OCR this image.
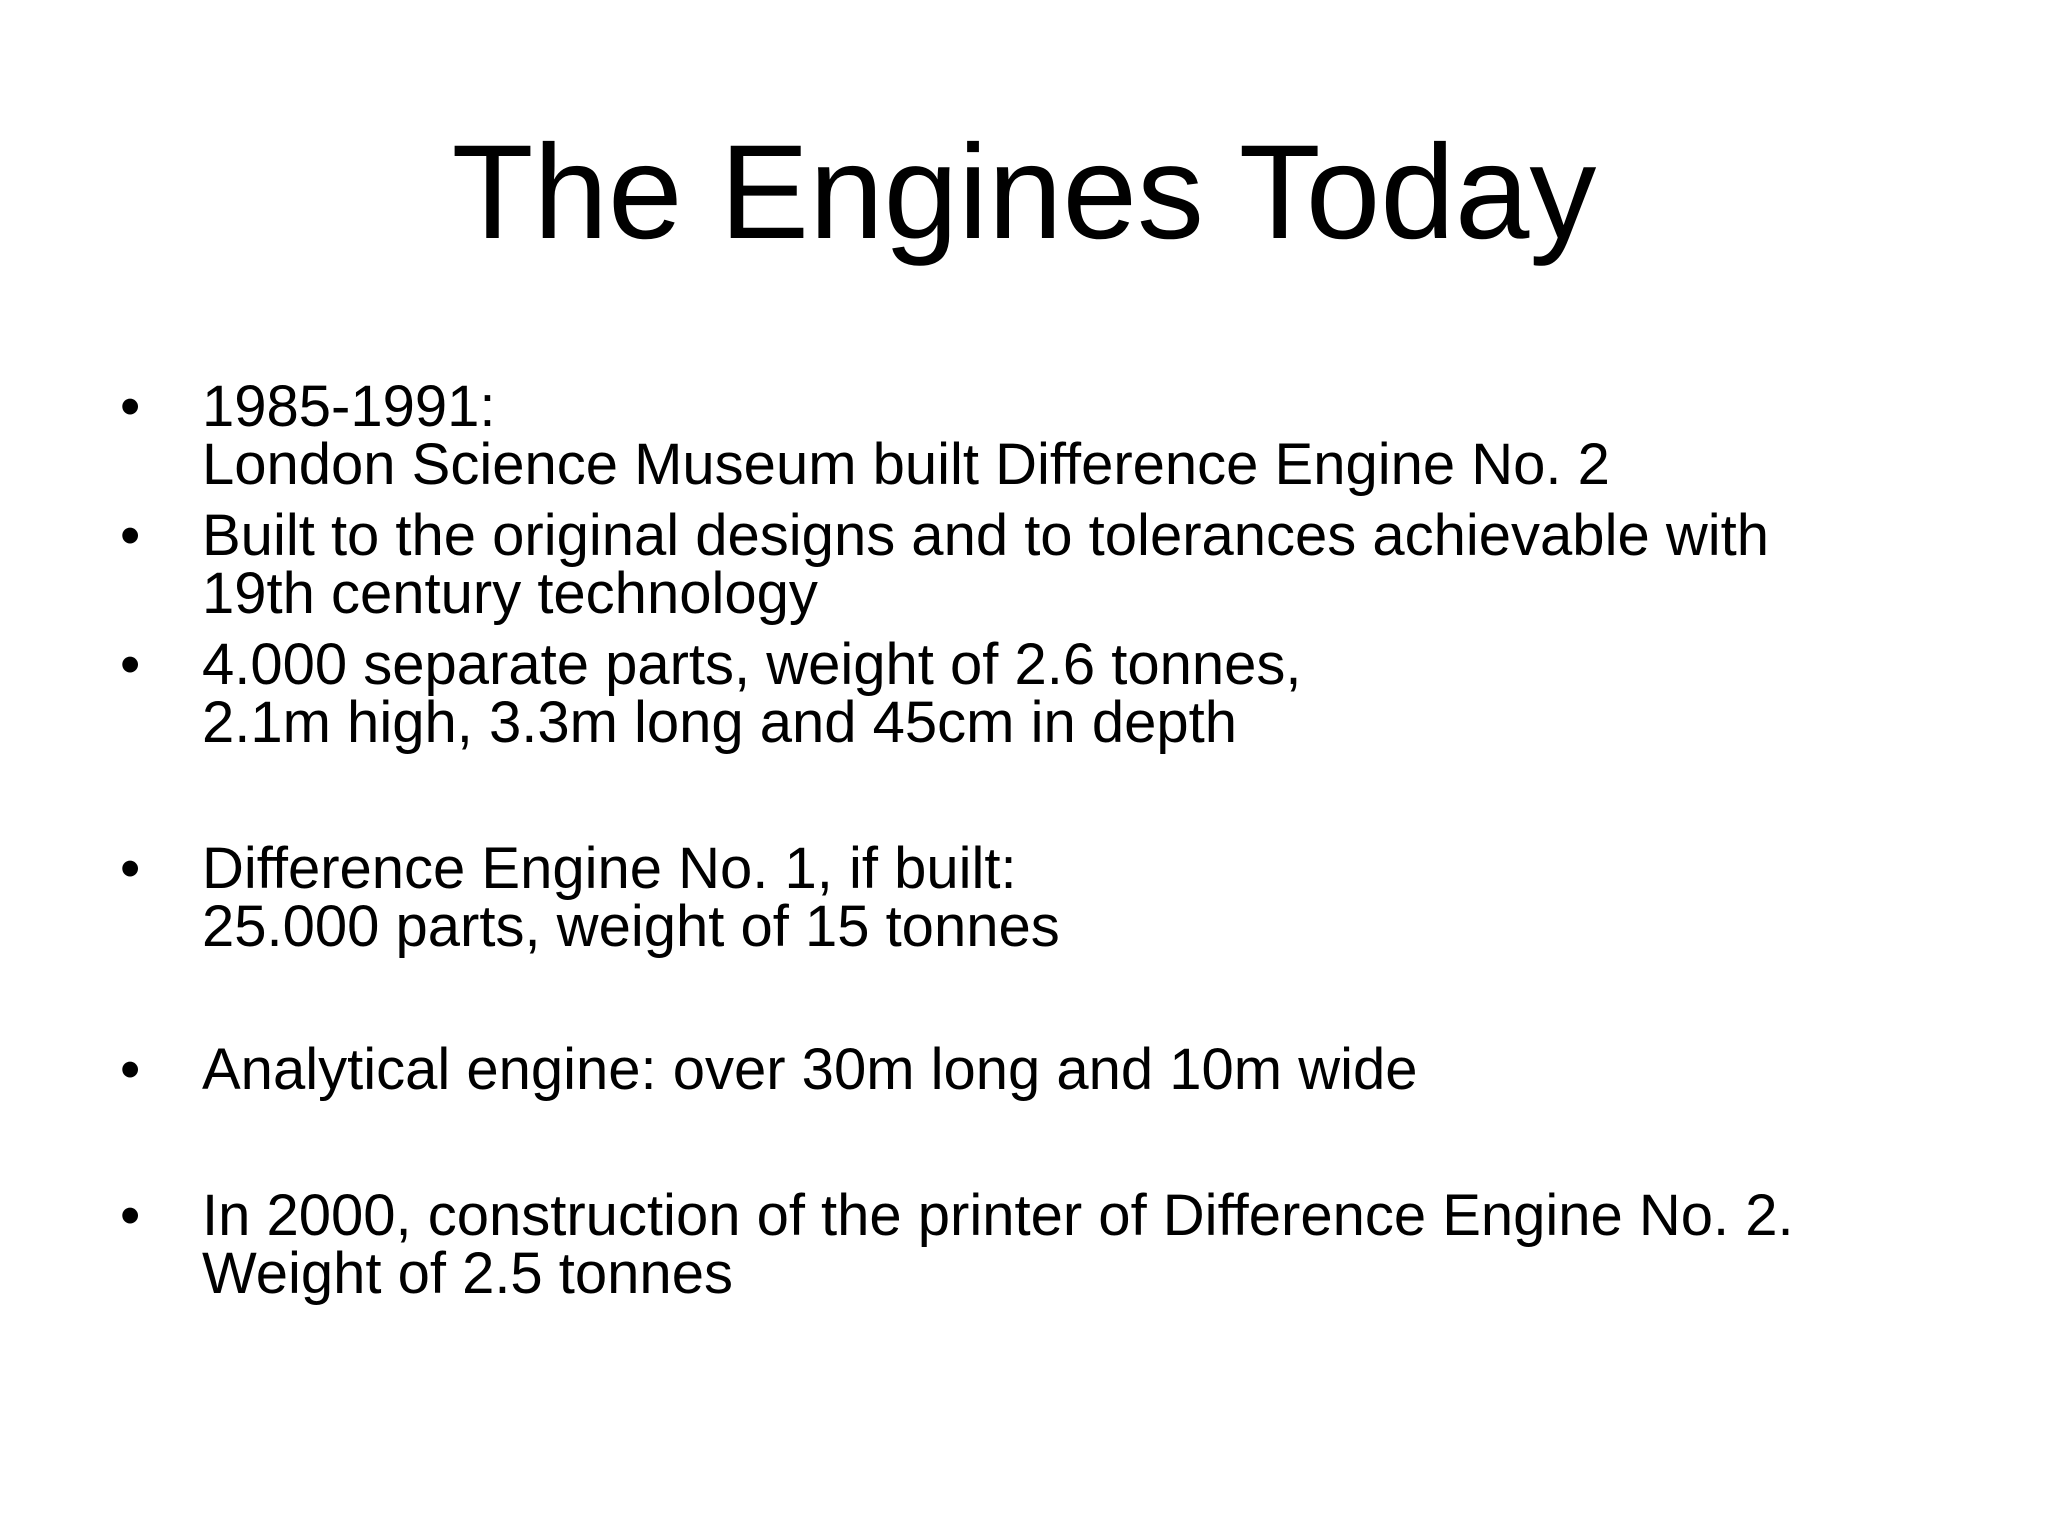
The Engines Today
• 1985-1991:
London Science Museum built Difference Engine No. 2
• Built to the original designs and to tolerances achievable with
19th century technology
• 4.000 separate parts, weight of 2.6 tonnes,
2.1m high, 3.3m long and 45cm in depth
• Difference Engine No. 1, if built:
25.000 parts, weight of 15 tonnes
• Analytical engine: over 30m long and 10m wide
• In 2000, construction of the printer of Difference Engine No. 2.
Weight of 2.5 tonnes
